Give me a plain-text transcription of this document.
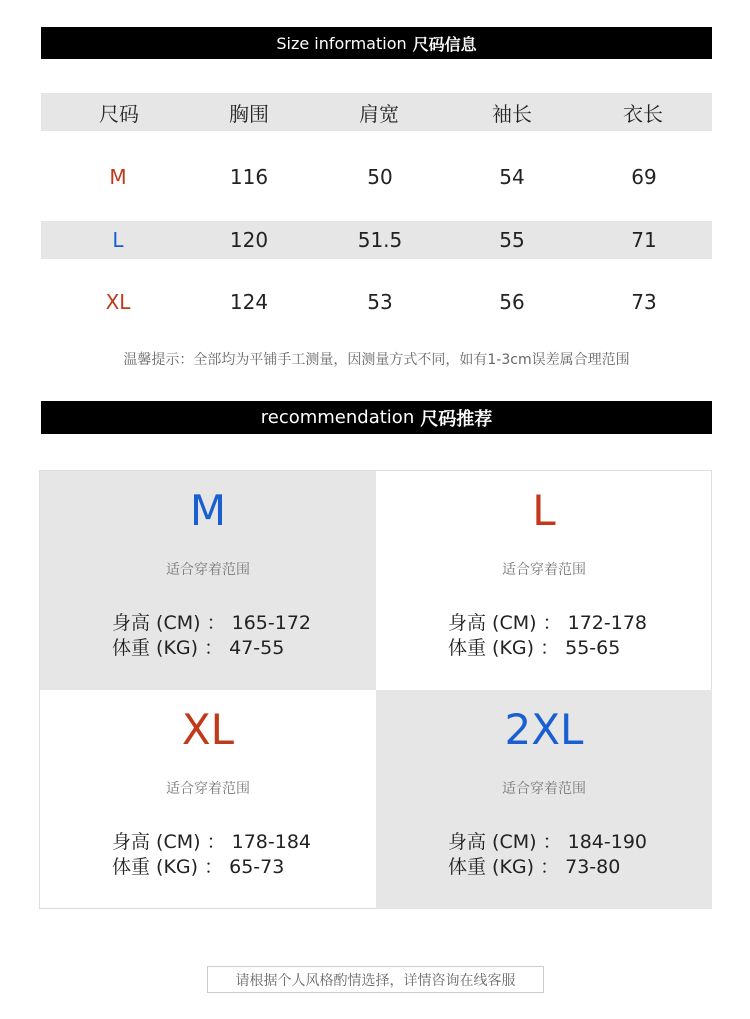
Size information 尺码信息
尺码	胸围	肩宽	袖长	衣长
M	116	50	54	69
L	120	51.5	55	71
XL	124	53	56	73
温馨提示：全部均为平铺手工测量，因测量方式不同，如有1-3cm误差属合理范围
recommendation 尺码推荐
M
适合穿着范围
身高 (CM) ： 165-172
体重 (KG) ： 47-55
L
适合穿着范围
身高 (CM) ： 172-178
体重 (KG) ： 55-65
XL
适合穿着范围
身高 (CM) ： 178-184
体重 (KG) ： 65-73
2XL
适合穿着范围
身高 (CM) ： 184-190
体重 (KG) ： 73-80
请根据个人风格酌情选择，详情咨询在线客服
